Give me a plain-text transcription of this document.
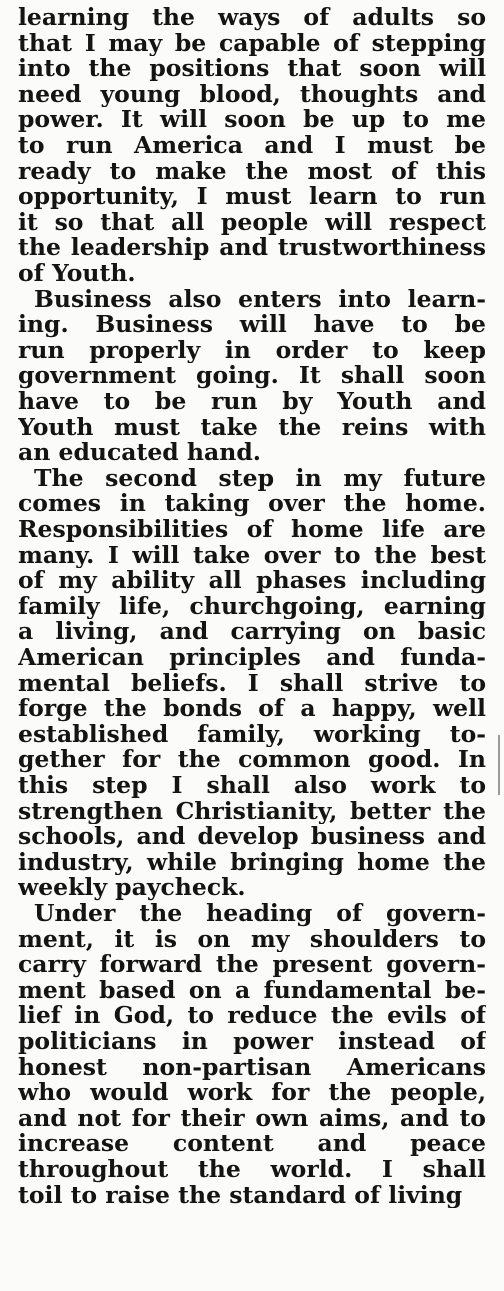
learning the ways of adults so
that I may be capable of stepping
into the positions that soon will
need young blood, thoughts and
power. It will soon be up to me
to run America and I must be
ready to make the most of this
opportunity, I must learn to run
it so that all people will respect
the leadership and trustworthiness
of Youth.
Business also enters into learn-
ing. Business will have to be
run properly in order to keep
government going. It shall soon
have to be run by Youth and
Youth must take the reins with
an educated hand.
The second step in my future
comes in taking over the home.
Responsibilities of home life are
many. I will take over to the best
of my ability all phases including
family life, churchgoing, earning
a living, and carrying on basic
American principles and funda-
mental beliefs. I shall strive to
forge the bonds of a happy, well
established family, working to-
gether for the common good. In
this step I shall also work to
strengthen Christianity, better the
schools, and develop business and
industry, while bringing home the
weekly paycheck.
Under the heading of govern-
ment, it is on my shoulders to
carry forward the present govern-
ment based on a fundamental be-
lief in God, to reduce the evils of
politicians in power instead of
honest non-partisan Americans
who would work for the people,
and not for their own aims, and to
increase content and peace
throughout the world. I shall
toil to raise the standard of living
